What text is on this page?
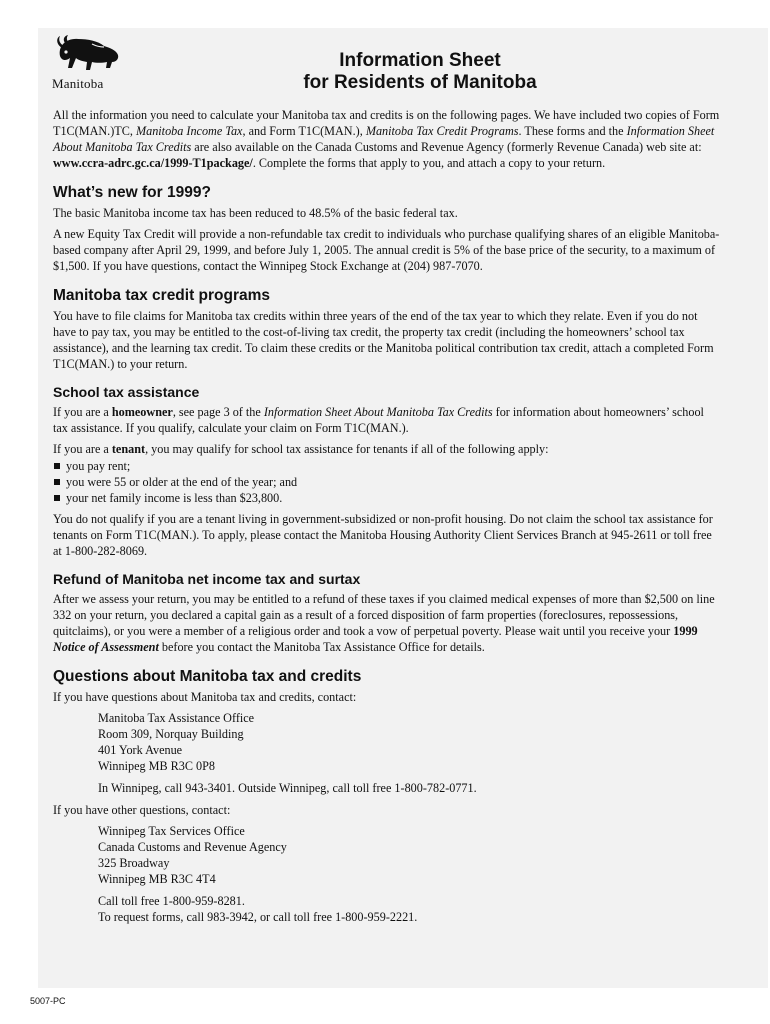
Manitoba
Information Sheet
for Residents of Manitoba

All the information you need to calculate your Manitoba tax and credits is on the following pages. We have included two copies of Form T1C(MAN.)TC, Manitoba Income Tax, and Form T1C(MAN.), Manitoba Tax Credit Programs. These forms and the Information Sheet About Manitoba Tax Credits are also available on the Canada Customs and Revenue Agency (formerly Revenue Canada) web site at: www.ccra-adrc.gc.ca/1999-T1package/. Complete the forms that apply to you, and attach a copy to your return.

What’s new for 1999?

The basic Manitoba income tax has been reduced to 48.5% of the basic federal tax.

A new Equity Tax Credit will provide a non-refundable tax credit to individuals who purchase qualifying shares of an eligible Manitoba-based company after April 29, 1999, and before July 1, 2005. The annual credit is 5% of the base price of the security, to a maximum of $1,500. If you have questions, contact the Winnipeg Stock Exchange at (204) 987-7070.

Manitoba tax credit programs

You have to file claims for Manitoba tax credits within three years of the end of the tax year to which they relate. Even if you do not have to pay tax, you may be entitled to the cost-of-living tax credit, the property tax credit (including the homeowners’ school tax assistance), and the learning tax credit. To claim these credits or the Manitoba political contribution tax credit, attach a completed Form T1C(MAN.) to your return.

School tax assistance

If you are a homeowner, see page 3 of the Information Sheet About Manitoba Tax Credits for information about homeowners’ school tax assistance. If you qualify, calculate your claim on Form T1C(MAN.).

If you are a tenant, you may qualify for school tax assistance for tenants if all of the following apply:

you pay rent;
you were 55 or older at the end of the year; and
your net family income is less than $23,800.

You do not qualify if you are a tenant living in government-subsidized or non-profit housing. Do not claim the school tax assistance for tenants on Form T1C(MAN.). To apply, please contact the Manitoba Housing Authority Client Services Branch at 945-2611 or toll free at 1-800-282-8069.

Refund of Manitoba net income tax and surtax

After we assess your return, you may be entitled to a refund of these taxes if you claimed medical expenses of more than $2,500 on line 332 on your return, you declared a capital gain as a result of a forced disposition of farm properties (foreclosures, repossessions, quitclaims), or you were a member of a religious order and took a vow of perpetual poverty. Please wait until you receive your 1999 Notice of Assessment before you contact the Manitoba Tax Assistance Office for details.

Questions about Manitoba tax and credits

If you have questions about Manitoba tax and credits, contact:

Manitoba Tax Assistance Office
Room 309, Norquay Building
401 York Avenue
Winnipeg MB R3C 0P8
In Winnipeg, call 943-3401. Outside Winnipeg, call toll free 1-800-782-0771.

If you have other questions, contact:

Winnipeg Tax Services Office
Canada Customs and Revenue Agency
325 Broadway
Winnipeg MB R3C 4T4
Call toll free 1-800-959-8281.
To request forms, call 983-3942, or call toll free 1-800-959-2221.
5007-PC
